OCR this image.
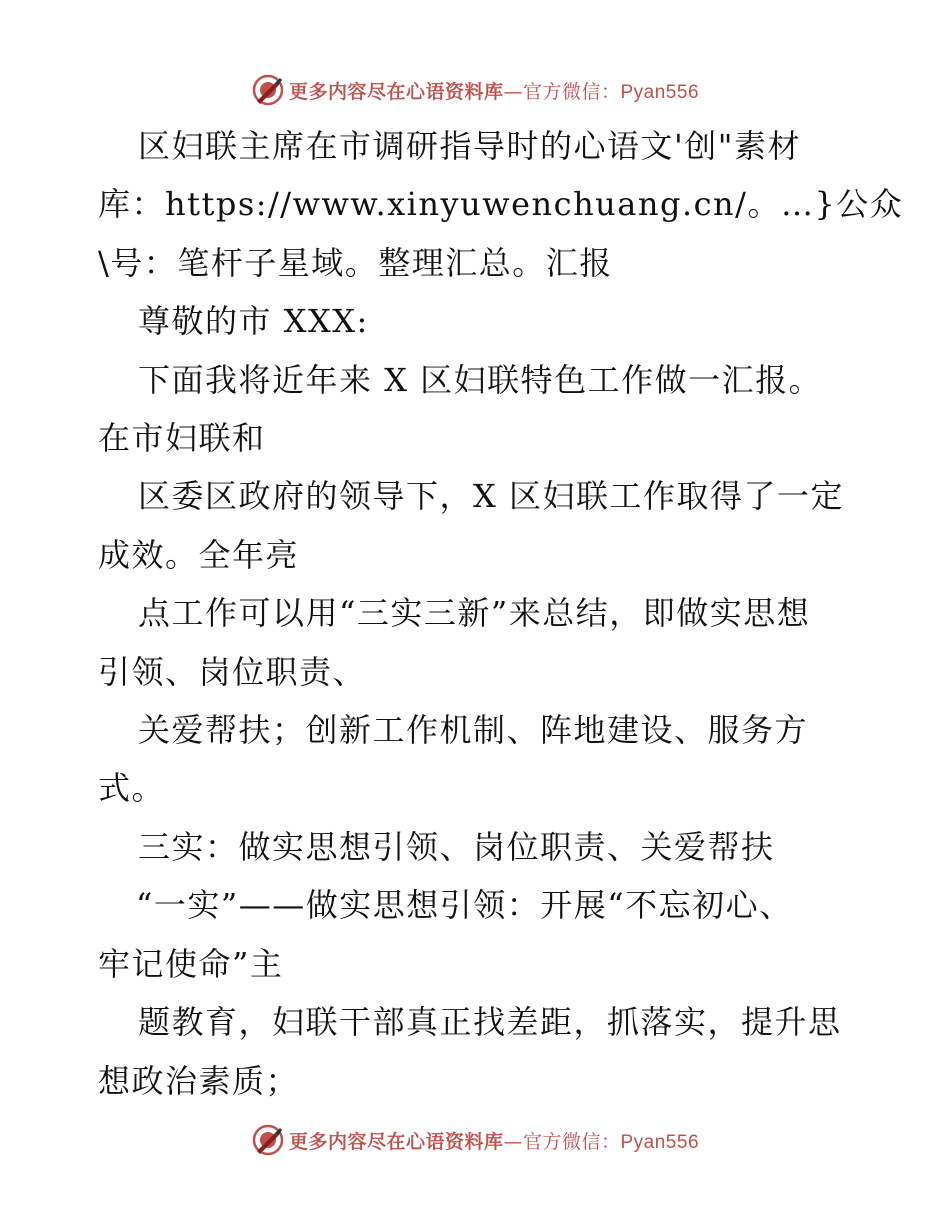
更多内容尽在心语资料库—官方微信：Pyan556

区妇联主席在市调研指导时的心语文'创"素材

库：https://www.xinyuwenchuang.cn/。…}公众

\号：笔杆子星域。整理汇总。汇报

尊敬的市 XXX:

下面我将近年来 X 区妇联特色工作做一汇报。

在市妇联和

区委区政府的领导下，X 区妇联工作取得了一定

成效。全年亮

点工作可以用“三实三新”来总结，即做实思想

引领、岗位职责、

关爱帮扶；创新工作机制、阵地建设、服务方

式。

三实：做实思想引领、岗位职责、关爱帮扶

“一实”——做实思想引领：开展“不忘初心、

牢记使命”主

题教育，妇联干部真正找差距，抓落实，提升思

想政治素质；

更多内容尽在心语资料库—官方微信：Pyan556
